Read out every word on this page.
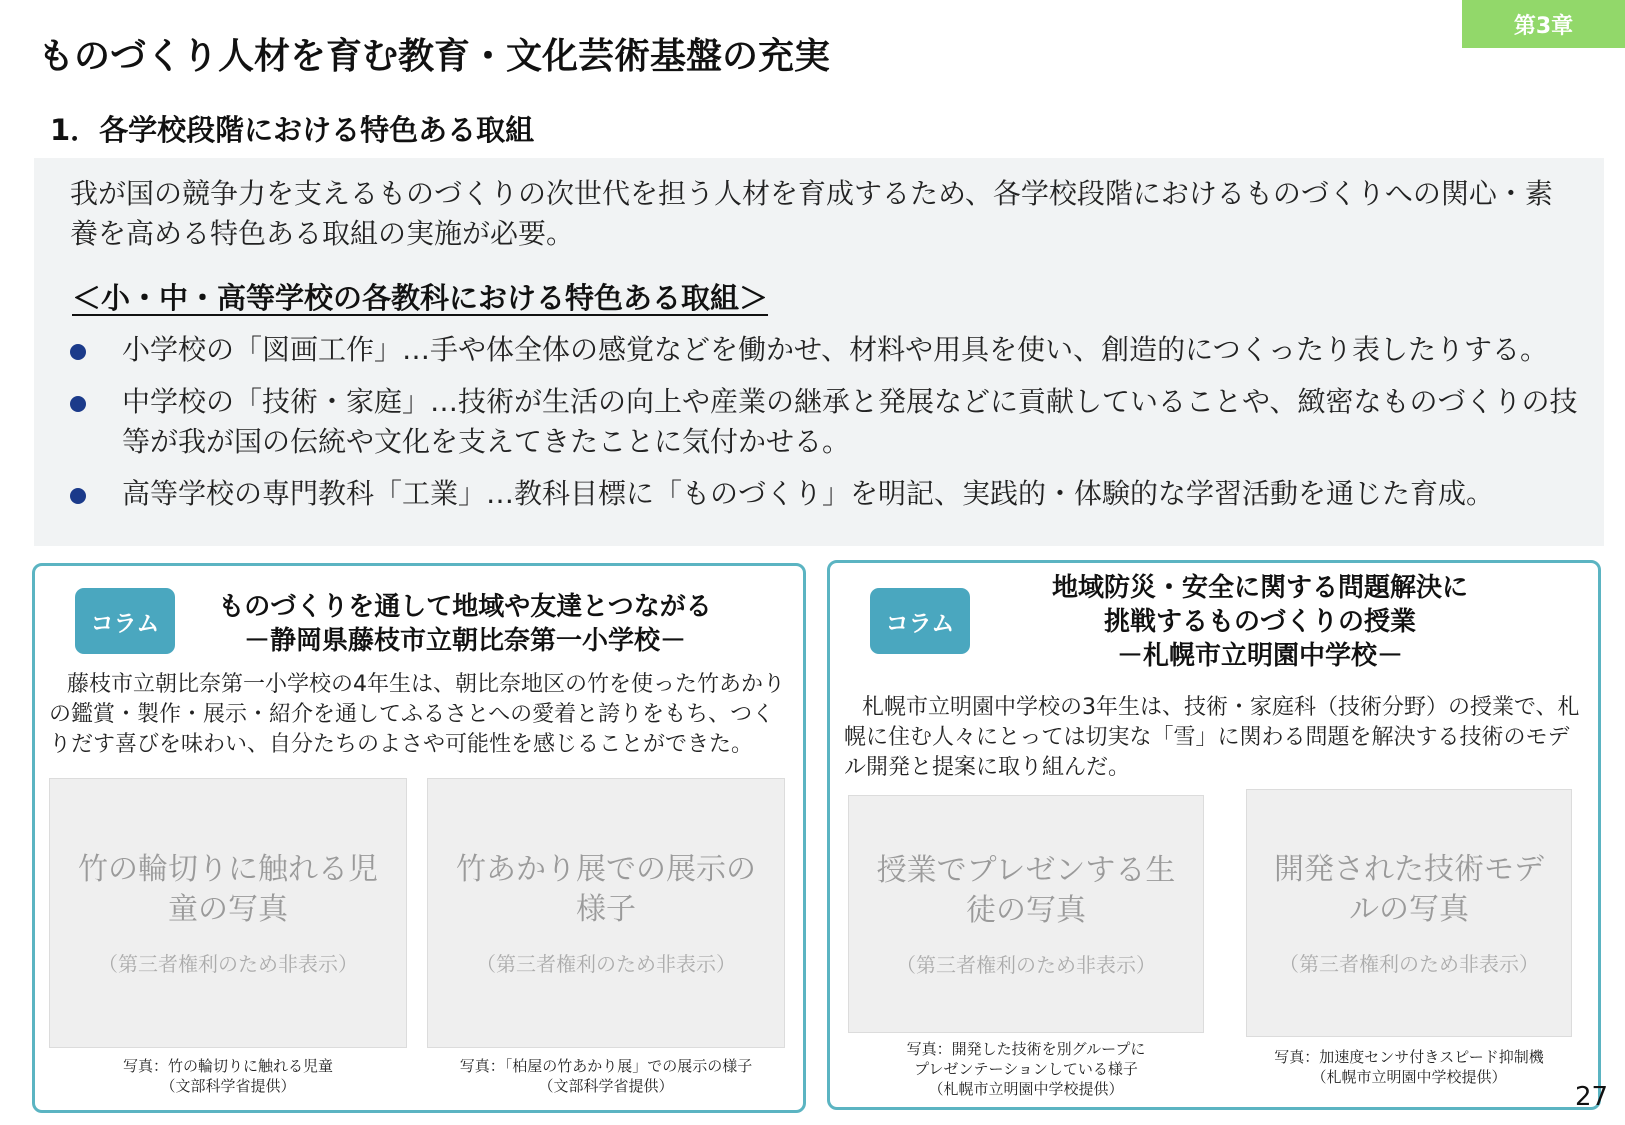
第3章
ものづくり人材を育む教育・文化芸術基盤の充実
1．各学校段階における特色ある取組

我が国の競争力を支えるものづくりの次世代を担う人材を育成するため、各学校段階におけるものづくりへの関心・素養を高める特色ある取組の実施が必要。

＜小・中・高等学校の各教科における特色ある取組＞
小学校の「図画工作」…手や体全体の感覚などを働かせ、材料や用具を使い、創造的につくったり表したりする。
中学校の「技術・家庭」…技術が生活の向上や産業の継承と発展などに貢献していることや、緻密なものづくりの技等が我が国の伝統や文化を支えてきたことに気付かせる。
高等学校の専門教科「工業」…教科目標に「ものづくり」を明記、実践的・体験的な学習活動を通じた育成。
コラム
ものづくりを通して地域や友達とつながる
－静岡県藤枝市立朝比奈第一小学校－

藤枝市立朝比奈第一小学校の4年生は、朝比奈地区の竹を使った竹あかりの鑑賞・製作・展示・紹介を通してふるさとへの愛着と誇りをもち、つくりだす喜びを味わい、自分たちのよさや可能性を感じることができた。

竹の輪切りに触れる児童の写真
（第三者権利のため非表示）
写真：竹の輪切りに触れる児童
（文部科学省提供）
竹あかり展での展示の様子
（第三者権利のため非表示）
写真：「柏屋の竹あかり展」での展示の様子
（文部科学省提供）
コラム
地域防災・安全に関する問題解決に
挑戦するものづくりの授業
－札幌市立明園中学校－

札幌市立明園中学校の3年生は、技術・家庭科（技術分野）の授業で、札幌に住む人々にとっては切実な「雪」に関わる問題を解決する技術のモデル開発と提案に取り組んだ。

授業でプレゼンする生徒の写真
（第三者権利のため非表示）
写真：開発した技術を別グループに
プレゼンテーションしている様子
（札幌市立明園中学校提供）
開発された技術モデルの写真
（第三者権利のため非表示）
写真：加速度センサ付きスピード抑制機
（札幌市立明園中学校提供）
27
